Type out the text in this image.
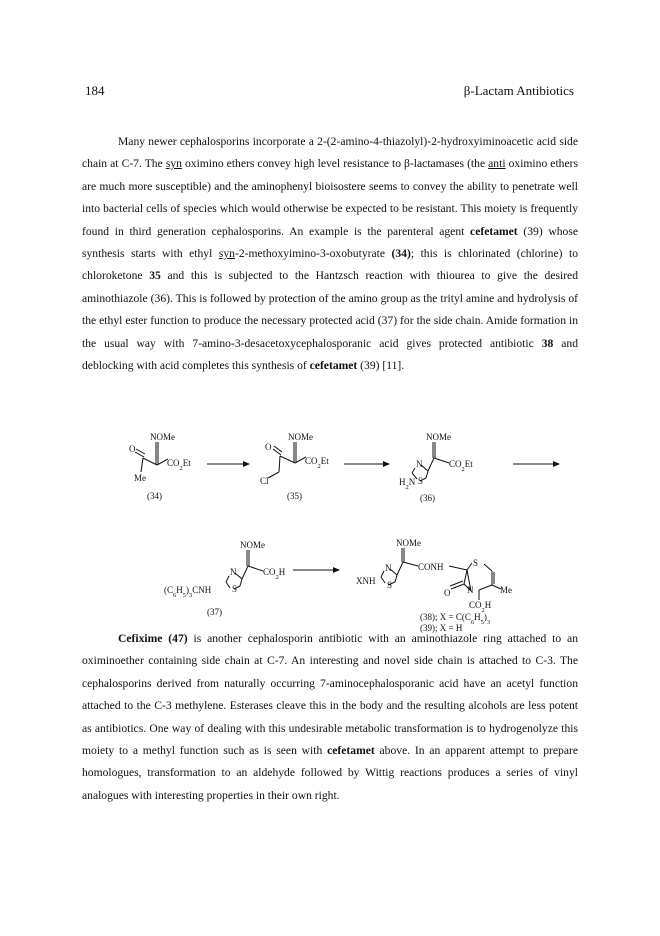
184	β-Lactam Antibiotics

Many newer cephalosporins incorporate a 2-(2-amino-4-thiazolyl)-2-hydroxyiminoacetic acid side chain at C-7. The syn oximino ethers convey high level resistance to β-lactamases (the anti oximino ethers are much more susceptible) and the aminophenyl bioisostere seems to convey the ability to penetrate well into bacterial cells of species which would otherwise be expected to be resistant. This moiety is frequently found in third generation cephalosporins. An example is the parenteral agent cefetamet (39) whose synthesis starts with ethyl syn-2-methoxyimino-3-oxobutyrate (34); this is chlorinated (chlorine) to chloroketone 35 and this is subjected to the Hantzsch reaction with thiourea to give the desired aminothiazole (36). This is followed by protection of the amino group as the trityl amine and hydrolysis of the ethyl ester function to produce the necessary protected acid (37) for the side chain. Amide formation in the usual way with 7-amino-3-desacetoxycephalosporanic acid gives protected antibiotic 38 and deblocking with acid completes this synthesis of cefetamet (39) [11].

NOMe
O
$CO_2Et$
Me
(34)
NOMe
O
$CO_2Et$
Cl
(35)
NOMe
N	$CO_2Et$
$H_2N$ S
(36)
NOMe
N	$CO_2H$
$(C_6H_5)_3CNH$ S
(37)
NOMe
N	CONH	S
XNH S	N
O	Me
$CO_2H$
(38); $X = C(C_6H_5)_3$
(39); X = H

Cefixime (47) is another cephalosporin antibiotic with an aminothiazole ring attached to an oximinoether containing side chain at C-7. An interesting and novel side chain is attached to C-3. The cephalosporins derived from naturally occurring 7-aminocephalosporanic acid have an acetyl function attached to the C-3 methylene. Esterases cleave this in the body and the resulting alcohols are less potent as antibiotics. One way of dealing with this undesirable metabolic transformation is to hydrogenolyze this moiety to a methyl function such as is seen with cefetamet above. In an apparent attempt to prepare homologues, transformation to an aldehyde followed by Wittig reactions produces a series of vinyl analogues with interesting properties in their own right.
